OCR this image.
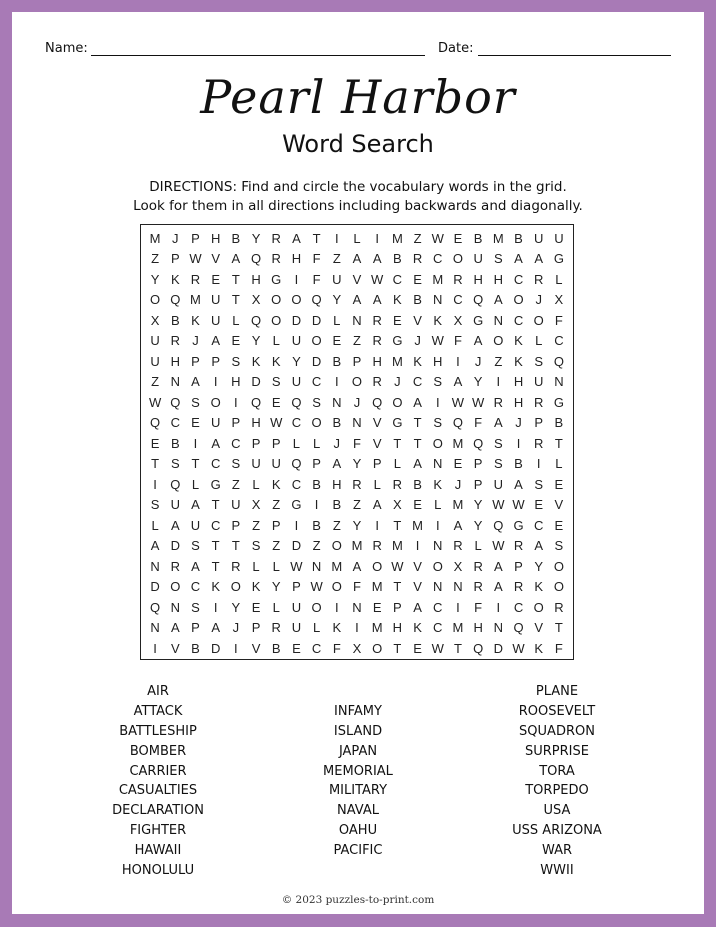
Name:	Date:
Pearl Harbor
Word Search
DIRECTIONS: Find and circle the vocabulary words in the grid.
Look for them in all directions including backwards and diagonally.
M J P H B Y R A T	I	L	I M Z W E B M B U U
Z P W V A Q R H F Z A A B R C O U S A A G
Y K R E T H G	I	F U V W C E M R H H C R L
O Q M U T X O O Q Y A A K B N C Q A O J X
X B K U L Q O D D L N R E V K X G N C O F
U R J A E Y L U O E Z R G J W F A O K L C
U H P P S K K Y D B P H M K H	I	J Z K S Q
Z N A	I	H D S U C	I	O R J C S A Y	I	H U N
W Q S O	I	Q E Q S N J Q O A	I W W R H R G
Q C E U P H W C O B N V G T S Q F A J P B
E B	I	A C P P L L	J F V T T O M Q S	I	R T
T S T C S U U Q P A Y P L A N E P S B	I	L
I	Q L G Z L K C B H R L R B K J P U A S E
S U A T U X Z G	I	B Z A X E L M Y W W E V
L A U C P Z P	I	B Z Y	I	T M I	A Y Q G C E
A D S T T S Z D Z O M R M I	N R L W R A S
N R A T R L L W N M A O W V O X R A P Y O
D O C K O K Y P W O F M T V N N R A R K O
Q N S	I	Y E L U O	I	N E P A C	I	F	I	C O R
N A P A J P R U L K	I M H K C M H N Q V T
I	V B D	I	V B E C F X O T E W T Q D W K F
AIR
ATTACK
BATTLESHIP
BOMBER
CARRIER
CASUALTIES
DECLARATION
FIGHTER
HAWAII
HONOLULU
INFAMY
ISLAND
JAPAN
MEMORIAL
MILITARY
NAVAL
OAHU
PACIFIC
PLANE
ROOSEVELT
SQUADRON
SURPRISE
TORA
TORPEDO
USA
USS ARIZONA
WAR
WWII
© 2023 puzzles-to-print.com
